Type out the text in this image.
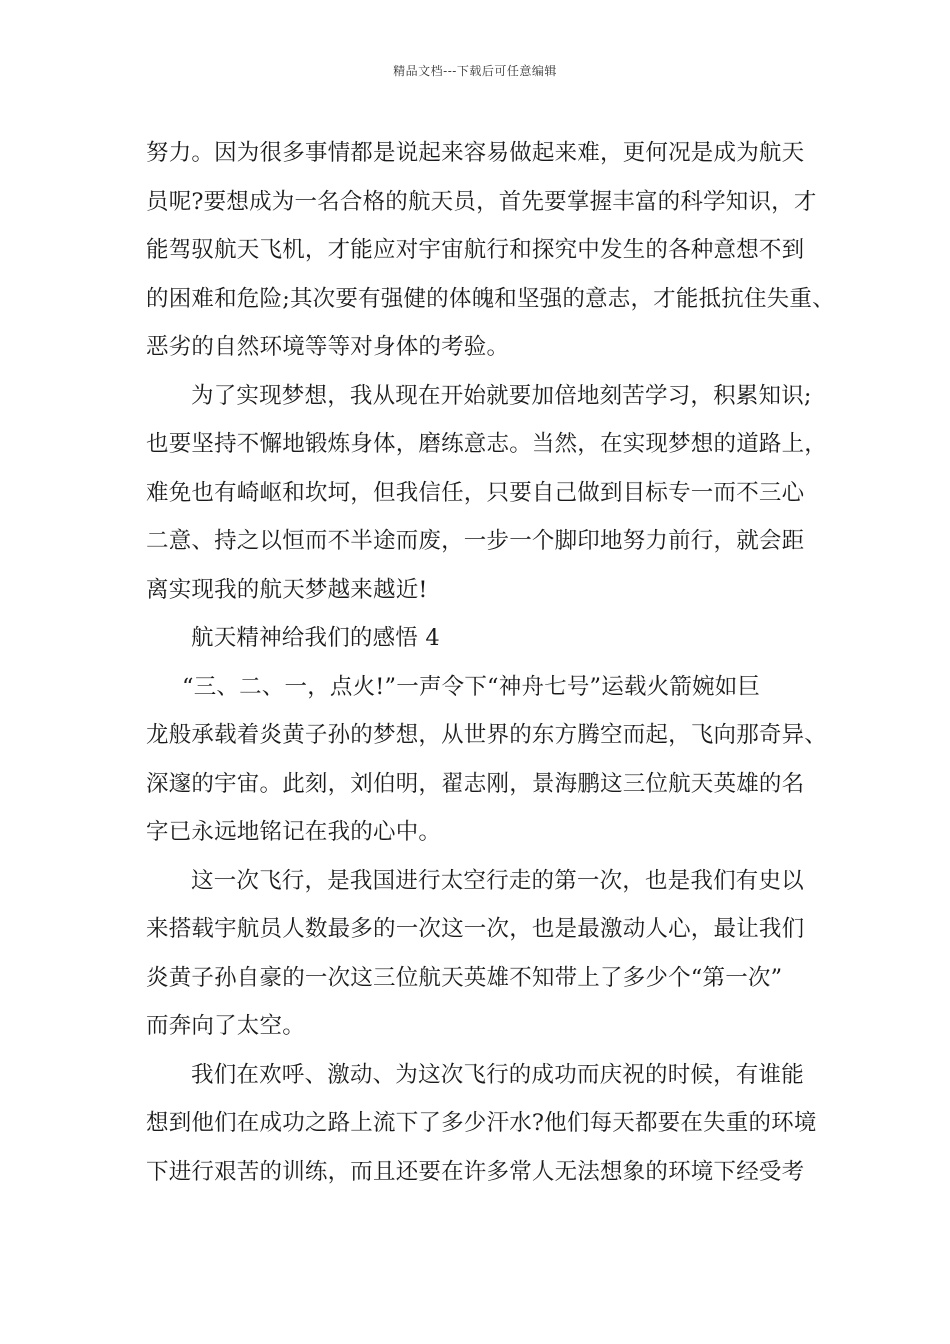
精品文档---下载后可任意编辑
努力。因为很多事情都是说起来容易做起来难，更何况是成为航天
员呢?要想成为一名合格的航天员，首先要掌握丰富的科学知识，才
能驾驭航天飞机，才能应对宇宙航行和探究中发生的各种意想不到
的困难和危险;其次要有强健的体魄和坚强的意志，才能抵抗住失重、
恶劣的自然环境等等对身体的考验。
为了实现梦想，我从现在开始就要加倍地刻苦学习，积累知识;
也要坚持不懈地锻炼身体，磨练意志。当然，在实现梦想的道路上，
难免也有崎岖和坎坷，但我信任，只要自己做到目标专一而不三心
二意、持之以恒而不半途而废，一步一个脚印地努力前行，就会距
离实现我的航天梦越来越近!
航天精神给我们的感悟 4
“三、二、一，点火!”一声令下“神舟七号”运载火箭婉如巨
龙般承载着炎黄子孙的梦想，从世界的东方腾空而起，飞向那奇异、
深邃的宇宙。此刻，刘伯明，翟志刚，景海鹏这三位航天英雄的名
字已永远地铭记在我的心中。
这一次飞行，是我国进行太空行走的第一次，也是我们有史以
来搭载宇航员人数最多的一次这一次，也是最激动人心，最让我们
炎黄子孙自豪的一次这三位航天英雄不知带上了多少个“第一次”
而奔向了太空。
我们在欢呼、激动、为这次飞行的成功而庆祝的时候，有谁能
想到他们在成功之路上流下了多少汗水?他们每天都要在失重的环境
下进行艰苦的训练，而且还要在许多常人无法想象的环境下经受考
